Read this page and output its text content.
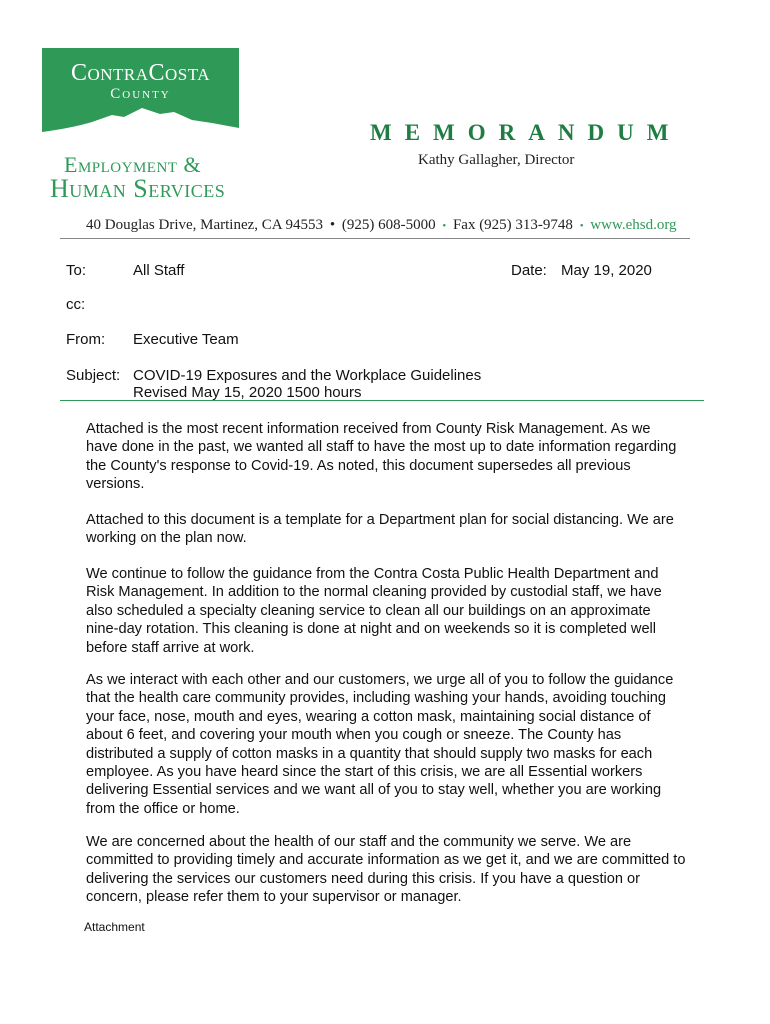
ContraCosta
County
Employment &
Human Services
MEMORANDUM
Kathy Gallagher, Director
40 Douglas Drive, Martinez, CA 94553 • (925) 608-5000 • Fax (925) 313-9748 • www.ehsd.org
To:	All Staff	Date: May 19, 2020
cc:
From: Executive Team
Subject: COVID-19 Exposures and the Workplace Guidelines
Revised May 15, 2020 1500 hours

Attached is the most recent information received from County Risk Management. As we have done in the past, we wanted all staff to have the most up to date information regarding the County's response to Covid-19. As noted, this document supersedes all previous versions.

Attached to this document is a template for a Department plan for social distancing. We are working on the plan now.

We continue to follow the guidance from the Contra Costa Public Health Department and Risk Management. In addition to the normal cleaning provided by custodial staff, we have also scheduled a specialty cleaning service to clean all our buildings on an approximate nine-day rotation. This cleaning is done at night and on weekends so it is completed well before staff arrive at work.

As we interact with each other and our customers, we urge all of you to follow the guidance that the health care community provides, including washing your hands, avoiding touching your face, nose, mouth and eyes, wearing a cotton mask, maintaining social distance of about 6 feet, and covering your mouth when you cough or sneeze. The County has distributed a supply of cotton masks in a quantity that should supply two masks for each employee. As you have heard since the start of this crisis, we are all Essential workers delivering Essential services and we want all of you to stay well, whether you are working from the office or home.

We are concerned about the health of our staff and the community we serve. We are committed to providing timely and accurate information as we get it, and we are committed to delivering the services our customers need during this crisis. If you have a question or concern, please refer them to your supervisor or manager.

Attachment
